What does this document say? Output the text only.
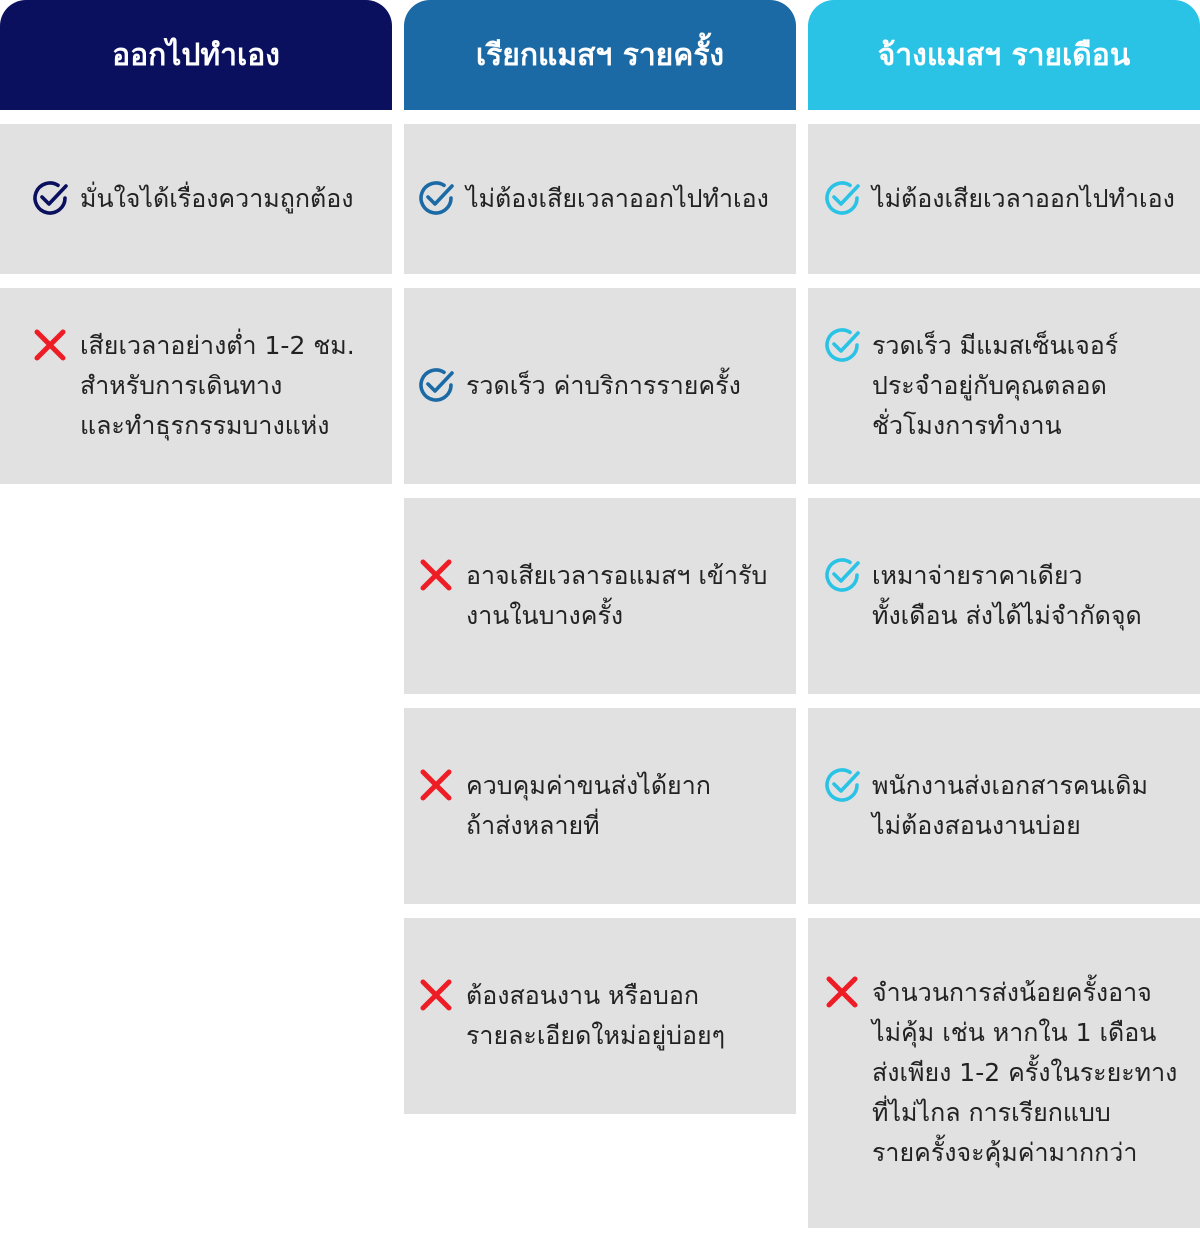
ออกไปทำเอง
มั่นใจได้เรื่องความถูกต้อง
เสียเวลาอย่างต่ำ 1-2 ชม.
สำหรับการเดินทาง
และทำธุรกรรมบางแห่ง
เรียกแมสฯ รายครั้ง
ไม่ต้องเสียเวลาออกไปทำเอง
รวดเร็ว ค่าบริการรายครั้ง
อาจเสียเวลารอแมสฯ เข้ารับ
งานในบางครั้ง
ควบคุมค่าขนส่งได้ยาก
ถ้าส่งหลายที่
ต้องสอนงาน หรือบอก
รายละเอียดใหม่อยู่บ่อยๆ
จ้างแมสฯ รายเดือน
ไม่ต้องเสียเวลาออกไปทำเอง
รวดเร็ว มีแมสเซ็นเจอร์
ประจำอยู่กับคุณตลอด
ชั่วโมงการทำงาน
เหมาจ่ายราคาเดียว
ทั้งเดือน ส่งได้ไม่จำกัดจุด
พนักงานส่งเอกสารคนเดิม
ไม่ต้องสอนงานบ่อย
จำนวนการส่งน้อยครั้งอาจ
ไม่คุ้ม เช่น หากใน 1 เดือน
ส่งเพียง 1-2 ครั้งในระยะทาง
ที่ไม่ไกล การเรียกแบบ
รายครั้งจะคุ้มค่ามากกว่า
